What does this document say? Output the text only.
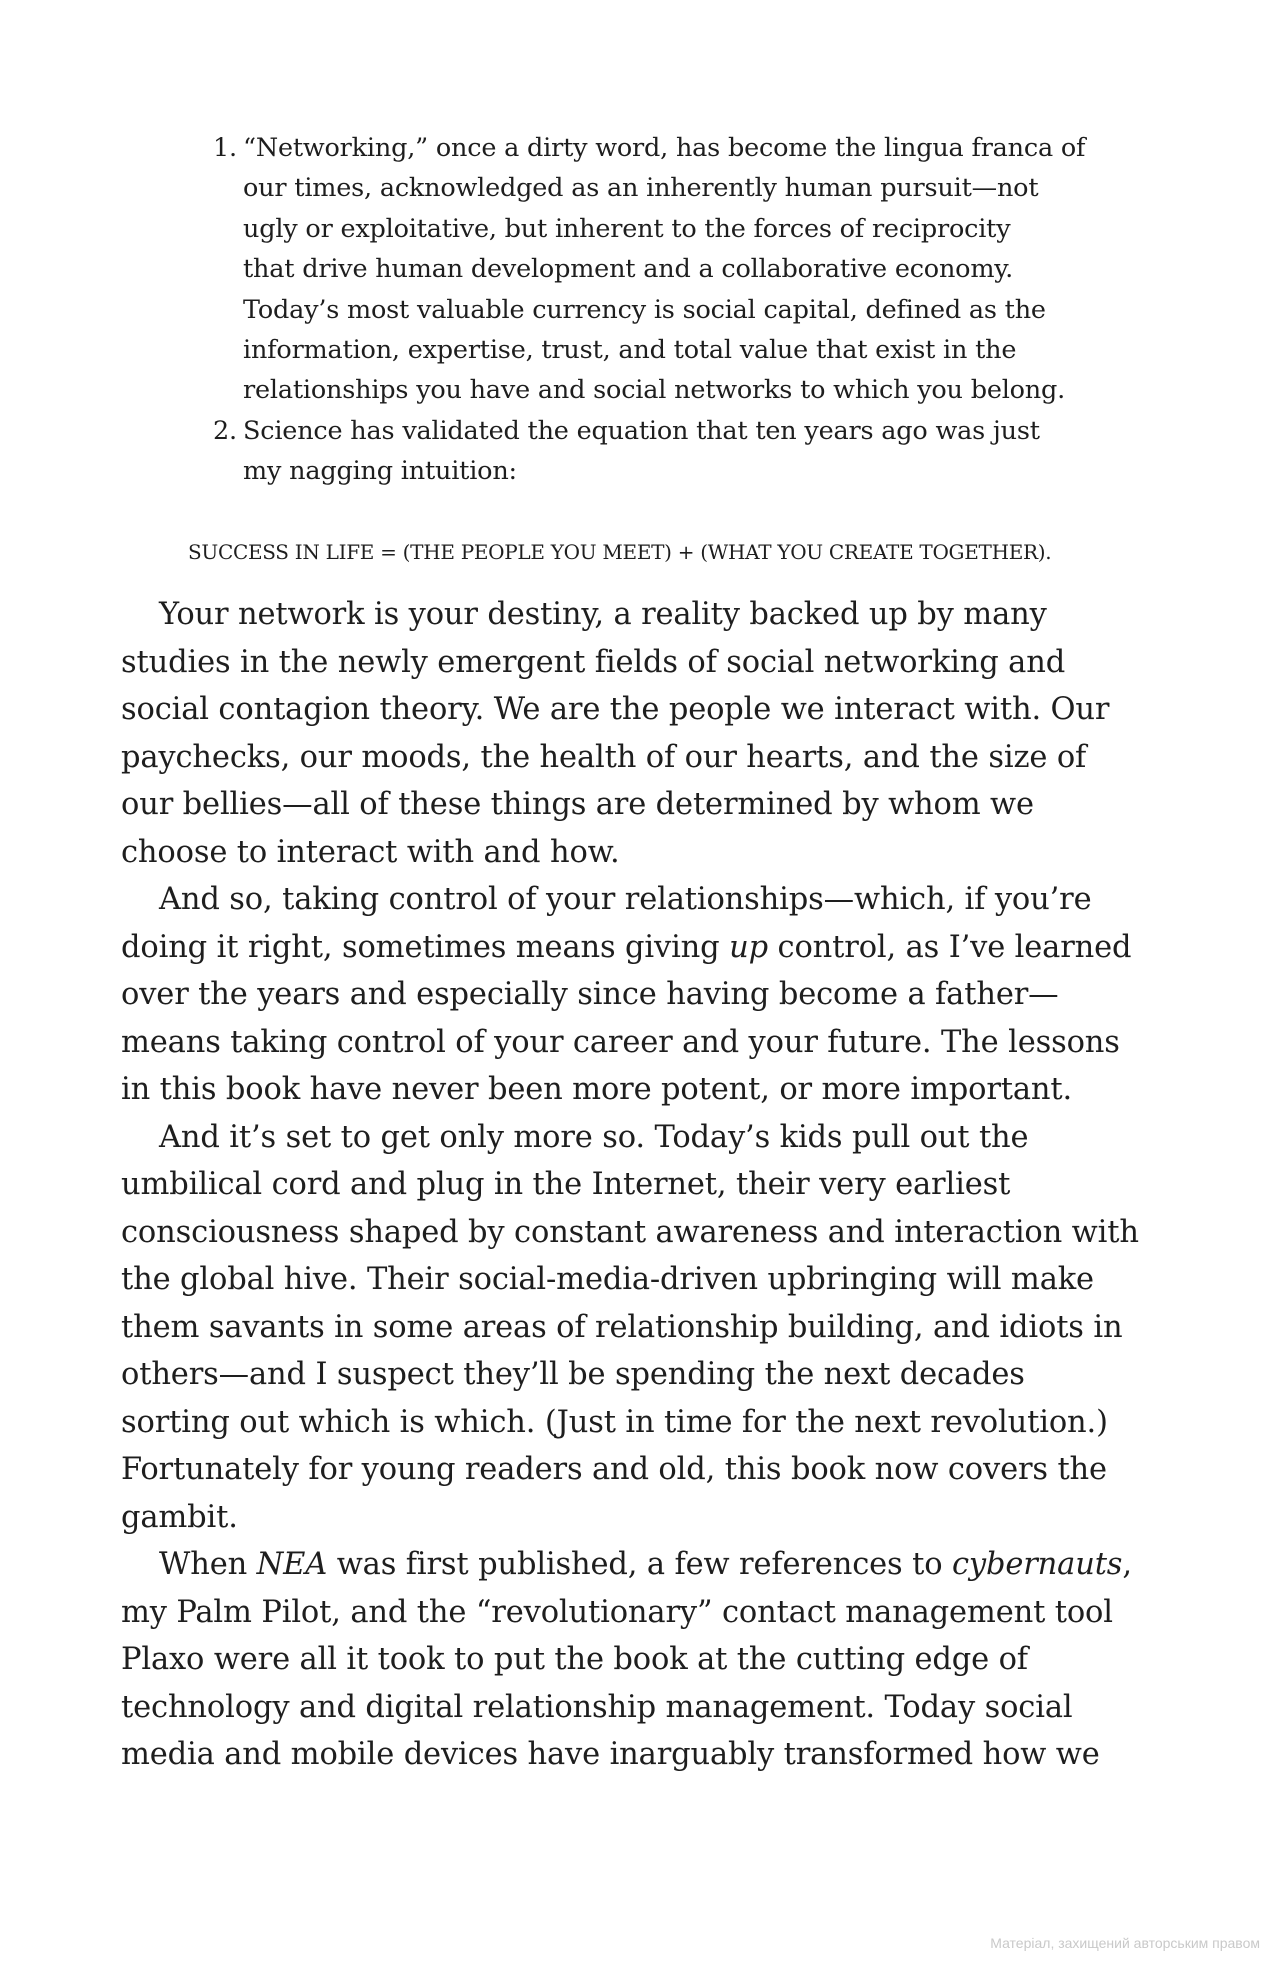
1. “Networking,” once a dirty word, has become the lingua franca of
our times, acknowledged as an inherently human pursuit—not
ugly or exploitative, but inherent to the forces of reciprocity
that drive human development and a collaborative economy.
Today’s most valuable currency is social capital, defined as the
information, expertise, trust, and total value that exist in the
relationships you have and social networks to which you belong.
2. Science has validated the equation that ten years ago was just
my nagging intuition:
SUCCESS IN LIFE = (THE PEOPLE YOU MEET) + (WHAT YOU CREATE TOGETHER).

Your network is your destiny, a reality backed up by many
studies in the newly emergent fields of social networking and
social contagion theory. We are the people we interact with. Our
paychecks, our moods, the health of our hearts, and the size of
our bellies—all of these things are determined by whom we
choose to interact with and how.

And so, taking control of your relationships—which, if you’re
doing it right, sometimes means giving up control, as I’ve learned
over the years and especially since having become a father—
means taking control of your career and your future. The lessons
in this book have never been more potent, or more important.

And it’s set to get only more so. Today’s kids pull out the
umbilical cord and plug in the Internet, their very earliest
consciousness shaped by constant awareness and interaction with
the global hive. Their social-media-driven upbringing will make
them savants in some areas of relationship building, and idiots in
others—and I suspect they’ll be spending the next decades
sorting out which is which. (Just in time for the next revolution.)
Fortunately for young readers and old, this book now covers the
gambit.

When NEA was first published, a few references to cybernauts,
my Palm Pilot, and the “revolutionary” contact management tool
Plaxo were all it took to put the book at the cutting edge of
technology and digital relationship management. Today social
media and mobile devices have inarguably transformed how we

Матеріал, захищений авторським правом
